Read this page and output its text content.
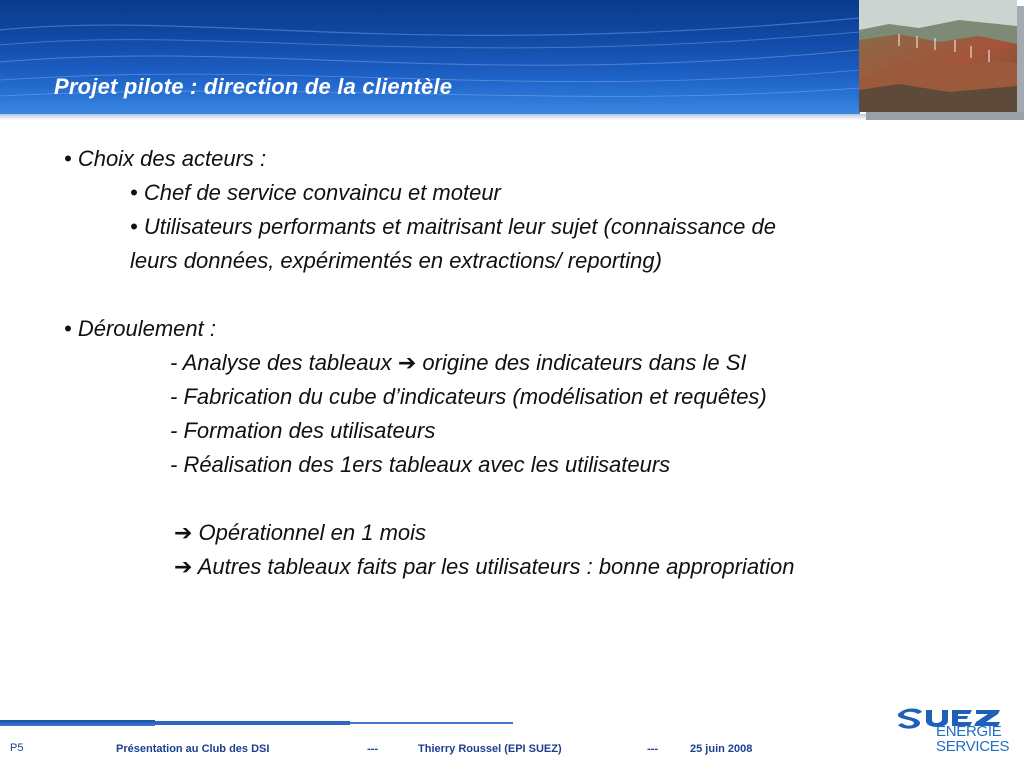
Projet pilote : direction de la clientèle
• Choix des acteurs :
• Chef de service convaincu et moteur
• Utilisateurs performants et maitrisant leur sujet (connaissance de
leurs données, expérimentés en extractions/ reporting)
• Déroulement :
- Analyse des tableaux ➔ origine des indicateurs dans le SI
- Fabrication du cube d’indicateurs (modélisation et requêtes)
- Formation des utilisateurs
- Réalisation des 1ers tableaux avec les utilisateurs
➔ Opérationnel en 1 mois
➔ Autres tableaux faits par les utilisateurs : bonne appropriation
P5	Présentation au Club des DSI	---	Thierry Roussel (EPI SUEZ)	---	25 juin 2008
ENERGIE
SERVICES
